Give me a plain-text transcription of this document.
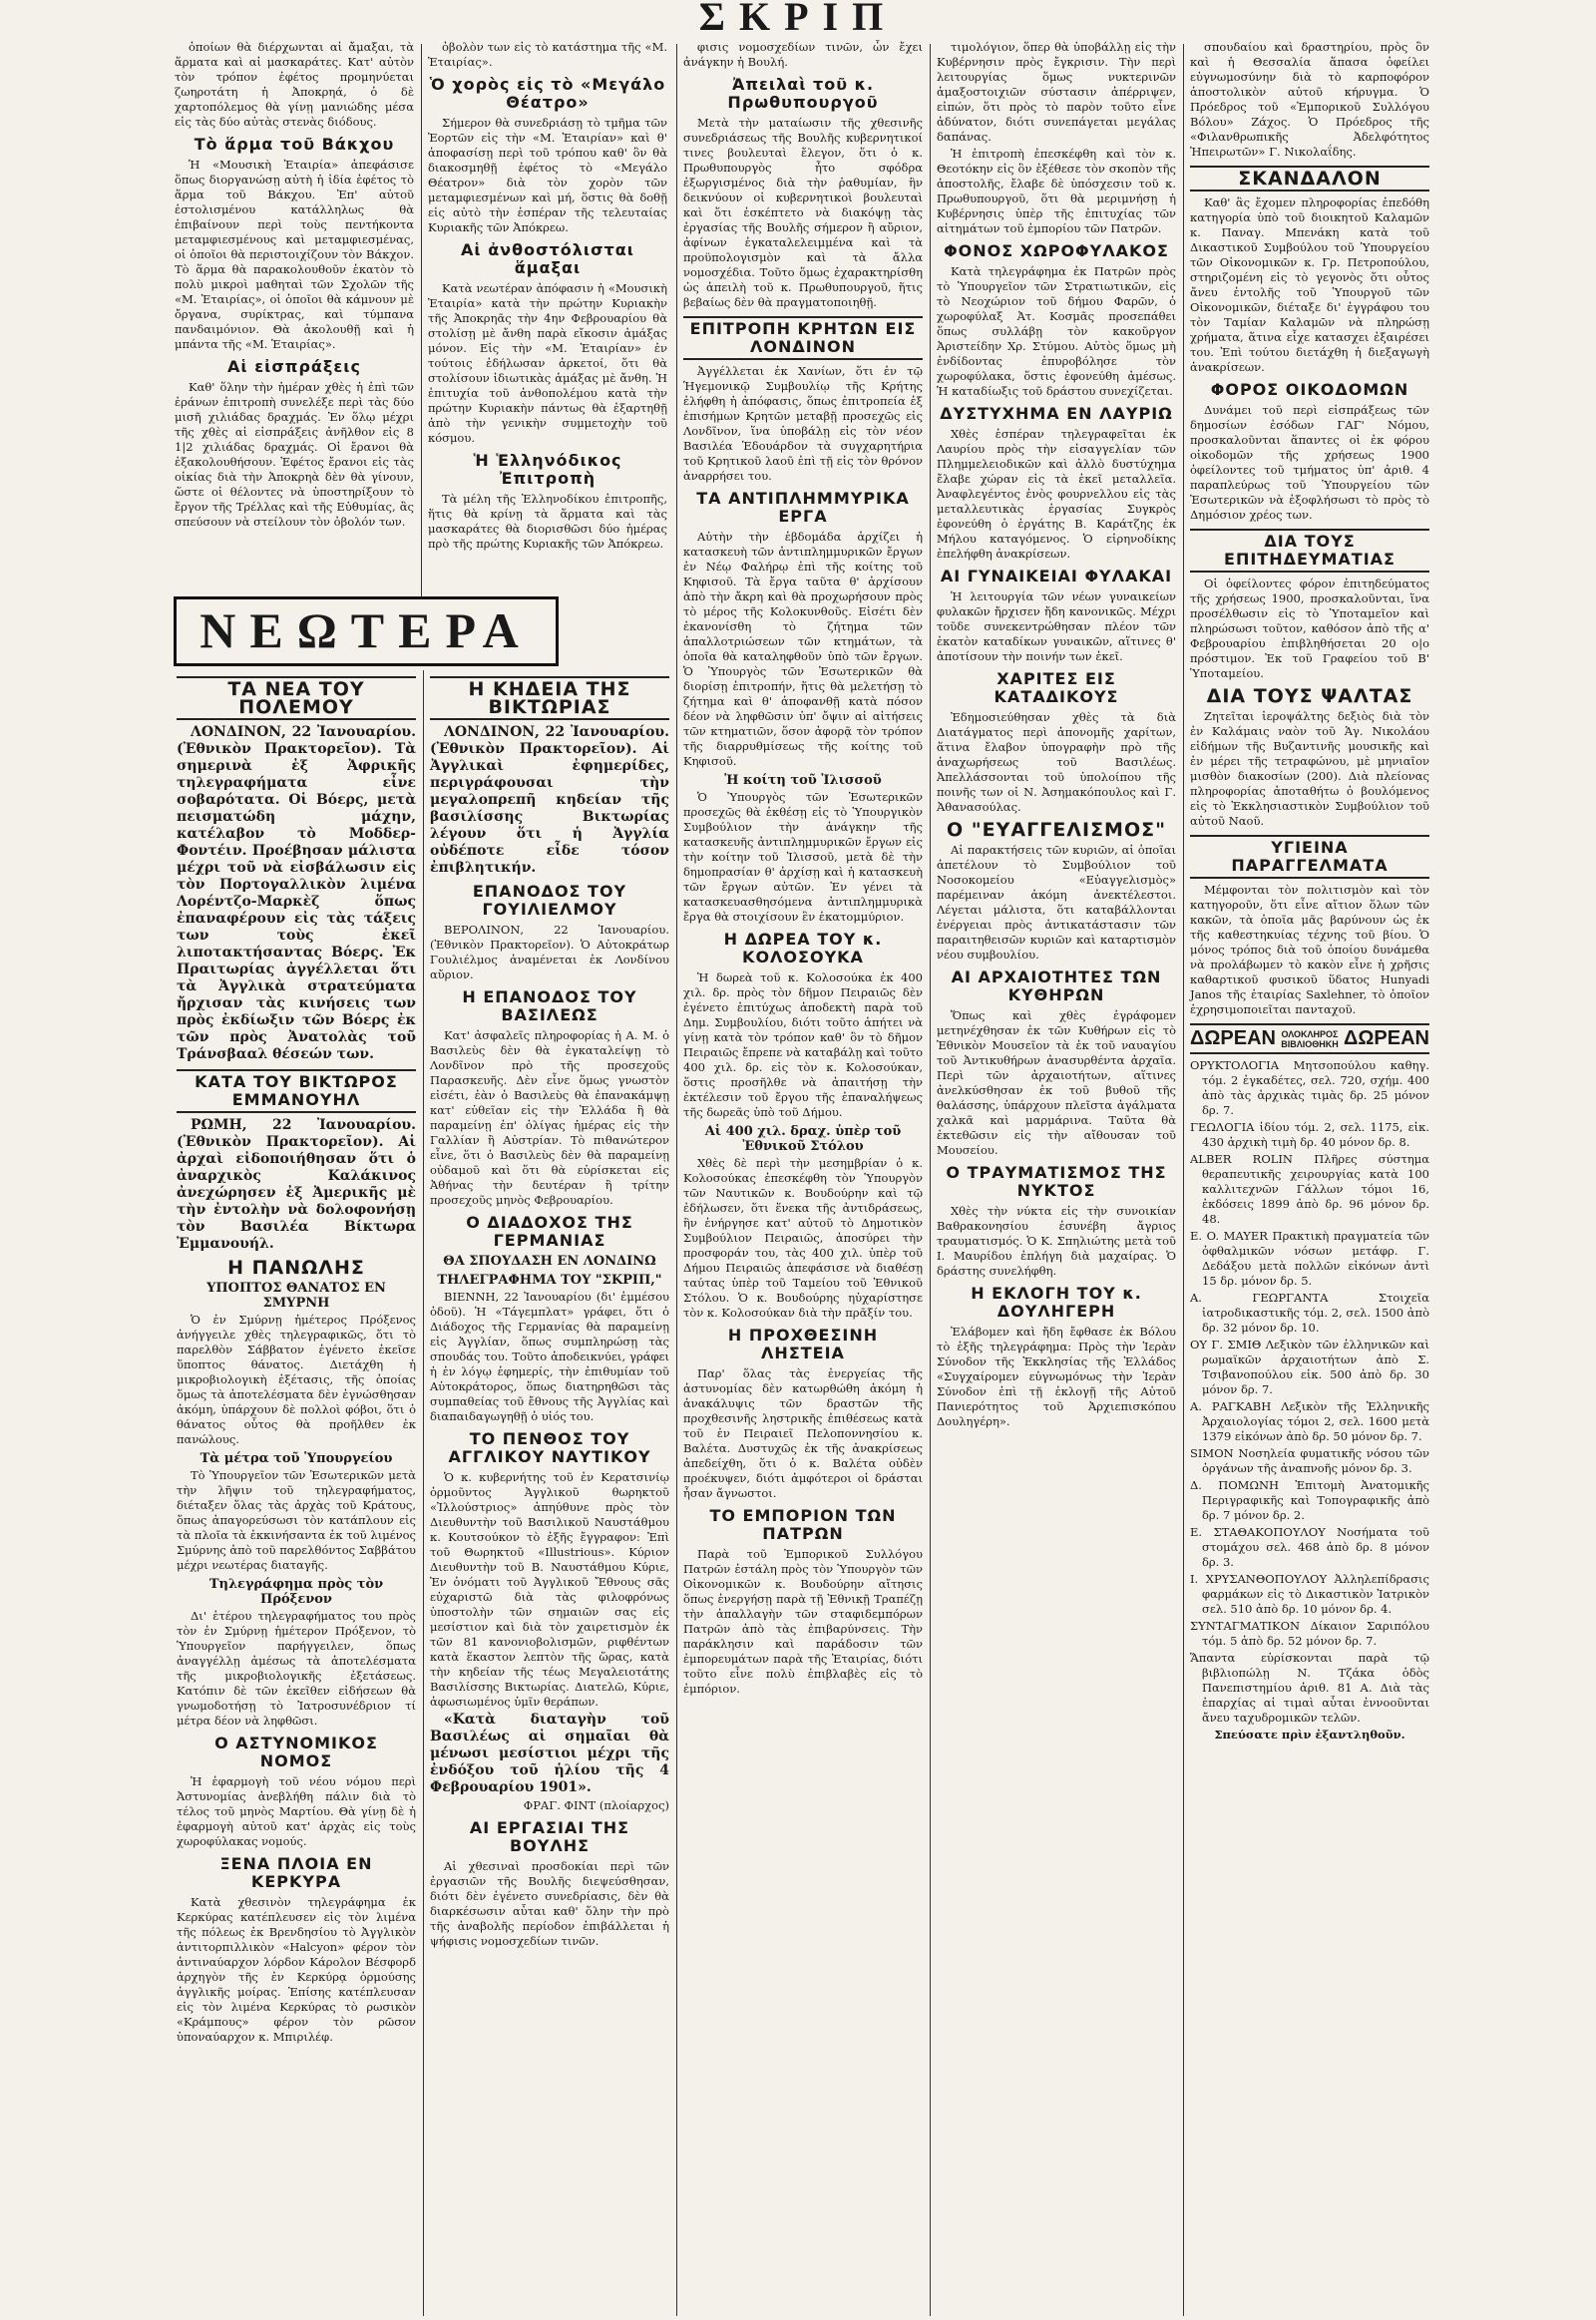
ΣΚΡΙΠ

ὁποίων θὰ διέρχωνται αἱ ἄμαξαι, τὰ ἅρματα καὶ αἱ μασκαράτες. Κατ' αὐτὸν τὸν τρόπον ἐφέτος προμηνύεται ζωηροτάτη ἡ Ἀποκρηά, ὁ δὲ χαρτοπόλεμος θὰ γίνῃ μανιώδης μέσα εἰς τὰς δύο αὐτὰς στενὰς διόδους.

Τὸ ἅρμα τοῦ Βάκχου

Ἡ «Μουσικὴ Ἑταιρία» ἀπεφάσισε ὅπως διοργανώσῃ αὐτὴ ἡ ἰδία ἐφέτος τὸ ἅρμα τοῦ Βάκχου. Ἐπ' αὐτοῦ ἐστολισμένου κατάλληλως θὰ ἐπιβαίνουν περὶ τοὺς πεντήκοντα μεταμφιεσμένους καὶ μεταμφιεσμένας, οἱ ὁποῖοι θὰ περιστοιχίζουν τὸν Βάκχον. Τὸ ἅρμα θὰ παρακολουθοῦν ἑκατὸν τὸ πολὺ μικροὶ μαθηταὶ τῶν Σχολῶν τῆς «Μ. Ἑταιρίας», οἱ ὁποῖοι θὰ κάμνουν μὲ ὄργανα, συρίκτρας, καὶ τύμπανα πανδαιμόνιον. Θὰ ἀκολουθῇ καὶ ἡ μπάντα τῆς «Μ. Ἑταιρίας».

Αἱ εἰσπράξεις

Καθ' ὅλην τὴν ἡμέραν χθὲς ἡ ἐπὶ τῶν ἐράνων ἐπιτροπὴ συνελέξε περὶ τὰς δύο μισῆ χιλιάδας δραχμάς. Ἐν ὅλῳ μέχρι τῆς χθὲς αἱ εἰσπράξεις ἀνῆλθον εἰς 8 1|2 χιλιάδας δραχμάς. Οἱ ἔρανοι θὰ ἐξακολουθήσουν. Ἐφέτος ἔρανοι εἰς τὰς οἰκίας διὰ τὴν Ἀποκρηὰ δὲν θὰ γίνουν, ὥστε οἱ θέλοντες νὰ ὑποστηρίξουν τὸ ἔργον τῆς Τρέλλας καὶ τῆς Εὐθυμίας, ἂς σπεύσουν νὰ στείλουν τὸν ὀβολόν των.

ὀβολὸν των εἰς τὸ κατάστημα τῆς «Μ. Ἑταιρίας».

Ὁ χορὸς εἰς τὸ «Μεγάλο Θέατρο»

Σήμερον θὰ συνεδριάσῃ τὸ τμῆμα τῶν Ἑορτῶν εἰς τὴν «Μ. Ἑταιρίαν» καὶ θ' ἀποφασίσῃ περὶ τοῦ τρόπου καθ' ὃν θὰ διακοσμηθῇ ἐφέτος τὸ «Μεγάλο Θέατρον» διὰ τὸν χορὸν τῶν μεταμφιεσμένων καὶ μή, ὅστις θὰ δοθῇ εἰς αὐτὸ τὴν ἑσπέραν τῆς τελευταίας Κυριακῆς τῶν Ἀπόκρεω.

Αἱ ἀνθοστόλισται ἅμαξαι

Κατὰ νεωτέραν ἀπόφασιν ἡ «Μουσικὴ Ἑταιρία» κατὰ τὴν πρώτην Κυριακὴν τῆς Ἀποκρηᾶς τὴν 4ην Φεβρουαρίου θὰ στολίσῃ μὲ ἄνθη παρὰ εἴκοσιν ἁμάξας μόνον. Εἰς τὴν «Μ. Ἑταιρίαν» ἐν τούτοις ἐδήλωσαν ἀρκετοί, ὅτι θὰ στολίσουν ἰδιωτικὰς ἁμάξας μὲ ἄνθη. Ἡ ἐπιτυχία τοῦ ἀνθοπολέμου κατὰ τὴν πρώτην Κυριακὴν πάντως θὰ ἐξαρτηθῇ ἀπὸ τὴν γενικὴν συμμετοχὴν τοῦ κόσμου.

Ἡ Ἑλληνόδικος Ἐπιτροπὴ

Τὰ μέλη τῆς Ἑλληνοδίκου ἐπιτροπῆς, ἥτις θὰ κρίνῃ τὰ ἅρματα καὶ τὰς μασκαράτες θὰ διορισθῶσι δύο ἡμέρας πρὸ τῆς πρώτης Κυριακῆς τῶν Ἀπόκρεω.

ΝΕΩΤΕΡΑ
ΤΑ ΝΕΑ ΤΟΥ ΠΟΛΕΜΟΥ

ΛΟΝΔΙΝΟΝ, 22 Ἰανουαρίου. (Ἐθνικὸν Πρακτορεῖον). Τὰ σημερινὰ ἐξ Ἀφρικῆς τηλεγραφήματα εἶνε σοβαρότατα. Οἱ Βόερς, μετὰ πεισματώδη μάχην, κατέλαβον τὸ Μοδδερ-Φοντέιν. Προέβησαν μάλιστα μέχρι τοῦ νὰ εἰσβάλωσιν εἰς τὸν Πορτογαλλικὸν λιμένα Λορέντζο-Μαρκὲζ ὅπως ἐπαναφέρουν εἰς τὰς τάξεις των τοὺς ἐκεῖ λιποτακτήσαντας Βόερς. Ἐκ Πραιτωρίας ἀγγέλλεται ὅτι τὰ Ἀγγλικὰ στρατεύματα ἤρχισαν τὰς κινήσεις των πρὸς ἐκδίωξιν τῶν Βόερς ἐκ τῶν πρὸς Ἀνατολὰς τοῦ Τράνσβααλ θέσεών των.

ΚΑΤΑ ΤΟΥ ΒΙΚΤΩΡΟΣ ΕΜΜΑΝΟΥΗΛ

ΡΩΜΗ, 22 Ἰανουαρίου. (Ἐθνικὸν Πρακτορεῖον). Αἱ ἀρχαὶ εἰδοποιήθησαν ὅτι ὁ ἀναρχικὸς Καλάκινος ἀνεχώρησεν ἐξ Ἀμερικῆς μὲ τὴν ἐντολὴν νὰ δολοφονήσῃ τὸν Βασιλέα Βίκτωρα Ἐμμανουήλ.

Η ΠΑΝΩΛΗΣ
ΥΠΟΠΤΟΣ ΘΑΝΑΤΟΣ ΕΝ ΣΜΥΡΝΗ

Ὁ ἐν Σμύρνῃ ἡμέτερος Πρόξενος ἀνήγγειλε χθὲς τηλεγραφικῶς, ὅτι τὸ παρελθὸν Σάββατον ἐγένετο ἐκεῖσε ὕποπτος θάνατος. Διετάχθη ἡ μικροβιολογικὴ ἐξέτασις, τῆς ὁποίας ὅμως τὰ ἀποτελέσματα δὲν ἐγνώσθησαν ἀκόμη, ὑπάρχουν δὲ πολλοὶ φόβοι, ὅτι ὁ θάνατος οὗτος θὰ προῆλθεν ἐκ πανώλους.

Τὰ μέτρα τοῦ Ὑπουργείου

Τὸ Ὑπουργεῖον τῶν Ἐσωτερικῶν μετὰ τὴν λῆψιν τοῦ τηλεγραφήματος, διέταξεν ὅλας τὰς ἀρχὰς τοῦ Κράτους, ὅπως ἀπαγορεύσωσι τὸν κατάπλουν εἰς τὰ πλοῖα τὰ ἐκκινήσαντα ἐκ τοῦ λιμένος Σμύρνης ἀπὸ τοῦ παρελθόντος Σαββάτου μέχρι νεωτέρας διαταγῆς.

Τηλεγράφημα πρὸς τὸν Πρόξενον

Δι' ἑτέρου τηλεγραφήματος του πρὸς τὸν ἐν Σμύρνῃ ἡμέτερον Πρόξενον, τὸ Ὑπουργεῖον παρήγγειλεν, ὅπως ἀναγγέλλῃ ἀμέσως τὰ ἀποτελέσματα τῆς μικροβιολογικῆς ἐξετάσεως. Κατόπιν δὲ τῶν ἐκεῖθεν εἰδήσεων θὰ γνωμοδοτήσῃ τὸ Ἰατροσυνέδριον τί μέτρα δέον νὰ ληφθῶσι.

Ο ΑΣΤΥΝΟΜΙΚΟΣ ΝΟΜΟΣ

Ἡ ἐφαρμογὴ τοῦ νέου νόμου περὶ Ἀστυνομίας ἀνεβλήθη πάλιν διὰ τὸ τέλος τοῦ μηνὸς Μαρτίου. Θὰ γίνῃ δὲ ἡ ἐφαρμογὴ αὐτοῦ κατ' ἀρχὰς εἰς τοὺς χωροφύλακας νομούς.

ΞΕΝΑ ΠΛΟΙΑ ΕΝ ΚΕΡΚΥΡΑ

Κατὰ χθεσινὸν τηλεγράφημα ἐκ Κερκύρας κατέπλευσεν εἰς τὸν λιμένα τῆς πόλεως ἐκ Βρενδησίου τὸ Ἀγγλικὸν ἀντιτορπιλλικὸν «Halcyon» φέρον τὸν ἀντιναύαρχον λόρδον Κάρολον Βέσφορδ ἀρχηγὸν τῆς ἐν Κερκύρᾳ ὁρμούσης ἀγγλικῆς μοίρας. Ἐπίσης κατέπλευσαν εἰς τὸν λιμένα Κερκύρας τὸ ρωσικὸν «Κράμπους» φέρον τὸν ρῶσον ὑποναύαρχον κ. Μπιριλέφ.

Η ΚΗΔΕΙΑ ΤΗΣ ΒΙΚΤΩΡΙΑΣ

ΛΟΝΔΙΝΟΝ, 22 Ἰανουαρίου. (Ἐθνικὸν Πρακτορεῖον). Αἱ Ἀγγλικαὶ ἐφημερίδες, περιγράφουσαι τὴν μεγαλοπρεπῆ κηδείαν τῆς βασιλίσσης Βικτωρίας λέγουν ὅτι ἡ Ἀγγλία οὐδέποτε εἶδε τόσον ἐπιβλητικήν.

ΕΠΑΝΟΔΟΣ ΤΟΥ ΓΟΥΙΛΙΕΛΜΟΥ

ΒΕΡΟΛΙΝΟΝ, 22 Ἰανουαρίου. (Ἐθνικὸν Πρακτορεῖον). Ὁ Αὐτοκράτωρ Γουλιέλμος ἀναμένεται ἐκ Λονδίνου αὔριον.

Η ΕΠΑΝΟΔΟΣ ΤΟΥ ΒΑΣΙΛΕΩΣ

Κατ' ἀσφαλεῖς πληροφορίας ἡ Α. Μ. ὁ Βασιλεὺς δὲν θὰ ἐγκαταλείψῃ τὸ Λονδῖνον πρὸ τῆς προσεχοῦς Παρασκευῆς. Δὲν εἶνε ὅμως γνωστὸν εἰσέτι, ἐὰν ὁ Βασιλεὺς θὰ ἐπανακάμψῃ κατ' εὐθεῖαν εἰς τὴν Ἑλλάδα ἢ θὰ παραμείνῃ ἐπ' ὀλίγας ἡμέρας εἰς τὴν Γαλλίαν ἢ Αὐστρίαν. Τὸ πιθανώτερον εἶνε, ὅτι ὁ Βασιλεὺς δὲν θὰ παραμείνῃ οὐδαμοῦ καὶ ὅτι θὰ εὑρίσκεται εἰς Ἀθήνας τὴν δευτέραν ἢ τρίτην προσεχοῦς μηνὸς Φεβρουαρίου.

Ο ΔΙΑΔΟΧΟΣ ΤΗΣ ΓΕΡΜΑΝΙΑΣ
ΘΑ ΣΠΟΥΔΑΣΗ ΕΝ ΛΟΝΔΙΝΩ
ΤΗΛΕΓΡΑΦΗΜΑ ΤΟΥ "ΣΚΡΙΠ,"

ΒΙΕΝΝΗ, 22 Ἰανουαρίου (δι' ἐμμέσου ὁδοῦ). Ἡ «Τάγεμπλατ» γράφει, ὅτι ὁ Διάδοχος τῆς Γερμανίας θὰ παραμείνῃ εἰς Ἀγγλίαν, ὅπως συμπληρώσῃ τὰς σπουδάς του. Τοῦτο ἀποδεικνύει, γράφει ἡ ἐν λόγῳ ἐφημερίς, τὴν ἐπιθυμίαν τοῦ Αὐτοκράτορος, ὅπως διατηρηθῶσι τὰς συμπαθείας τοῦ ἔθνους τῆς Ἀγγλίας καὶ διαπαιδαγωγηθῇ ὁ υἱός του.

ΤΟ ΠΕΝΘΟΣ ΤΟΥ ΑΓΓΛΙΚΟΥ ΝΑΥΤΙΚΟΥ

Ὁ κ. κυβερνήτης τοῦ ἐν Κερατσινίῳ ὁρμοῦντος Ἀγγλικοῦ θωρηκτοῦ «Ἰλλούστριος» ἀπηύθυνε πρὸς τὸν Διευθυντὴν τοῦ Βασιλικοῦ Ναυστάθμου κ. Κουτσούκον τὸ ἑξῆς ἔγγραφον: Ἐπὶ τοῦ Θωρηκτοῦ «Illustrious». Κύριον Διευθυντὴν τοῦ Β. Ναυστάθμου Κύριε, Ἐν ὀνόματι τοῦ Ἀγγλικοῦ Ἔθνους σᾶς εὐχαριστῶ διὰ τὰς φιλοφρόνως ὑποστολὴν τῶν σημαιῶν σας εἰς μεσίστιον καὶ διὰ τὸν χαιρετισμὸν ἐκ τῶν 81 κανονιοβολισμῶν, ριφθέντων κατὰ ἕκαστον λεπτὸν τῆς ὥρας, κατὰ τὴν κηδείαν τῆς τέως Μεγαλειοτάτης Βασιλίσσης Βικτωρίας. Διατελῶ, Κύριε, ἀφωσιωμένος ὑμῖν θεράπων.

«Κατὰ διαταγὴν τοῦ Βασιλέως αἱ σημαῖαι θὰ μένωσι μεσίστιοι μέχρι τῆς ἐνδόξου τοῦ ἡλίου τῆς 4 Φεβρουαρίου 1901».

ΦΡΑΓ. ΦΙΝΤ (πλοίαρχος)

ΑΙ ΕΡΓΑΣΙΑΙ ΤΗΣ ΒΟΥΛΗΣ

Αἱ χθεσιναὶ προσδοκίαι περὶ τῶν ἐργασιῶν τῆς Βουλῆς διεψεύσθησαν, διότι δὲν ἐγένετο συνεδρίασις, δὲν θὰ διαρκέσωσιν αὗται καθ' ὅλην τὴν πρὸ τῆς ἀναβολῆς περίοδον ἐπιβάλλεται ἡ ψήφισις νομοσχεδίων τινῶν.

φισις νομοσχεδίων τινῶν, ὧν ἔχει ἀνάγκην ἡ Βουλή.

Ἀπειλαὶ τοῦ κ. Πρωθυπουργοῦ

Μετὰ τὴν ματαίωσιν τῆς χθεσινῆς συνεδριάσεως τῆς Βουλῆς κυβερνητικοί τινες βουλευταὶ ἔλεγον, ὅτι ὁ κ. Πρωθυπουργὸς ἦτο σφόδρα ἐξωργισμένος διὰ τὴν ῥαθυμίαν, ἣν δεικνύουν οἱ κυβερνητικοὶ βουλευταὶ καὶ ὅτι ἐσκέπτετο νὰ διακόψῃ τὰς ἐργασίας τῆς Βουλῆς σήμερον ἢ αὔριον, ἀφίνων ἐγκαταλελειμμένα καὶ τὰ προϋπολογισμὸν καὶ τὰ ἄλλα νομοσχέδια. Τοῦτο ὅμως ἐχαρακτηρίσθη ὡς ἀπειλὴ τοῦ κ. Πρωθυπουργοῦ, ἥτις βεβαίως δὲν θὰ πραγματοποιηθῇ.

ΕΠΙΤΡΟΠΗ ΚΡΗΤΩΝ ΕΙΣ ΛΟΝΔΙΝΟΝ

Ἀγγέλλεται ἐκ Χανίων, ὅτι ἐν τῷ Ἡγεμονικῷ Συμβουλίῳ τῆς Κρήτης ἐλήφθη ἡ ἀπόφασις, ὅπως ἐπιτροπεία ἐξ ἐπισήμων Κρητῶν μεταβῇ προσεχῶς εἰς Λονδῖνον, ἵνα ὑποβάλῃ εἰς τὸν νέον Βασιλέα Ἐδουάρδον τὰ συγχαρητήρια τοῦ Κρητικοῦ λαοῦ ἐπὶ τῇ εἰς τὸν θρόνον ἀναρρήσει του.

ΤΑ ΑΝΤΙΠΛΗΜΜΥΡΙΚΑ ΕΡΓΑ

Αὐτὴν τὴν ἑβδομάδα ἀρχίζει ἡ κατασκευὴ τῶν ἀντιπλημμυρικῶν ἔργων ἐν Νέῳ Φαλήρῳ ἐπὶ τῆς κοίτης τοῦ Κηφισοῦ. Τὰ ἔργα ταῦτα θ' ἀρχίσουν ἀπὸ τὴν ἄκρη καὶ θὰ προχωρήσουν πρὸς τὸ μέρος τῆς Κολοκυνθοῦς. Εἰσέτι δὲν ἐκανονίσθη τὸ ζήτημα τῶν ἀπαλλοτριώσεων τῶν κτημάτων, τὰ ὁποῖα θὰ καταληφθοῦν ὑπὸ τῶν ἔργων. Ὁ Ὑπουργὸς τῶν Ἐσωτερικῶν θὰ διορίσῃ ἐπιτροπήν, ἥτις θὰ μελετήσῃ τὸ ζήτημα καὶ θ' ἀποφανθῇ κατὰ πόσον δέον νὰ ληφθῶσιν ὑπ' ὄψιν αἱ αἰτήσεις τῶν κτηματιῶν, ὅσον ἀφορᾷ τὸν τρόπον τῆς διαρρυθμίσεως τῆς κοίτης τοῦ Κηφισοῦ.

Ἡ κοίτη τοῦ Ἰλισσοῦ

Ὁ Ὑπουργὸς τῶν Ἐσωτερικῶν προσεχῶς θὰ ἐκθέσῃ εἰς τὸ Ὑπουργικὸν Συμβούλιον τὴν ἀνάγκην τῆς κατασκευῆς ἀντιπλημμυρικῶν ἔργων εἰς τὴν κοίτην τοῦ Ἰλισσοῦ, μετὰ δὲ τὴν δημοπρασίαν θ' ἀρχίσῃ καὶ ἡ κατασκευὴ τῶν ἔργων αὐτῶν. Ἐν γένει τὰ κατασκευασθησόμενα ἀντιπλημμυρικὰ ἔργα θὰ στοιχίσουν ἓν ἑκατομμύριον.

Η ΔΩΡΕΑ ΤΟΥ κ. ΚΟΛΟΣΟΥΚΑ

Ἡ δωρεὰ τοῦ κ. Κολοσούκα ἐκ 400 χιλ. δρ. πρὸς τὸν δῆμον Πειραιῶς δὲν ἐγένετο ἐπιτύχως ἀποδεκτὴ παρὰ τοῦ Δημ. Συμβουλίου, διότι τοῦτο ἀπήτει νὰ γίνῃ κατὰ τὸν τρόπον καθ' ὃν τὸ δῆμον Πειραιῶς ἔπρεπε νὰ καταβάλῃ καὶ τοῦτο 400 χιλ. δρ. εἰς τὸν κ. Κολοσούκαν, ὅστις προσῆλθε νὰ ἀπαιτήσῃ τὴν ἐκτέλεσιν τοῦ ἔργου τῆς ἐπαναλήψεως τῆς δωρεᾶς ὑπὸ τοῦ Δήμου.

Αἱ 400 χιλ. δραχ. ὑπὲρ τοῦ Ἐθνικοῦ Στόλου

Χθὲς δὲ περὶ τὴν μεσημβρίαν ὁ κ. Κολοσούκας ἐπεσκέφθη τὸν Ὑπουργὸν τῶν Ναυτικῶν κ. Βουδούρην καὶ τῷ ἐδήλωσεν, ὅτι ἕνεκα τῆς ἀντιδράσεως, ἣν ἐνήργησε κατ' αὐτοῦ τὸ Δημοτικὸν Συμβούλιον Πειραιῶς, ἀποσύρει τὴν προσφοράν του, τὰς 400 χιλ. ὑπὲρ τοῦ Δήμου Πειραιῶς ἀπεφάσισε νὰ διαθέσῃ ταύτας ὑπὲρ τοῦ Ταμείου τοῦ Ἐθνικοῦ Στόλου. Ὁ κ. Βουδούρης ηὐχαρίστησε τὸν κ. Κολοσούκαν διὰ τὴν πρᾶξίν του.

Η ΠΡΟΧΘΕΣΙΝΗ ΛΗΣΤΕΙΑ

Παρ' ὅλας τὰς ἐνεργείας τῆς ἀστυνομίας δὲν κατωρθώθη ἀκόμη ἡ ἀνακάλυψις τῶν δραστῶν τῆς προχθεσινῆς ληστρικῆς ἐπιθέσεως κατὰ τοῦ ἐν Πειραιεῖ Πελοποννησίου κ. Βαλέτα. Δυστυχῶς ἐκ τῆς ἀνακρίσεως ἀπεδείχθη, ὅτι ὁ κ. Βαλέτα οὐδὲν προέκυψεν, διότι ἀμφότεροι οἱ δράσται ἦσαν ἄγνωστοι.

ΤΟ ΕΜΠΟΡΙΟΝ ΤΩΝ ΠΑΤΡΩΝ

Παρὰ τοῦ Ἐμπορικοῦ Συλλόγου Πατρῶν ἐστάλη πρὸς τὸν Ὑπουργὸν τῶν Οἰκονομικῶν κ. Βουδούρην αἴτησις ὅπως ἐνεργήσῃ παρὰ τῇ Ἐθνικῇ Τραπέζῃ τὴν ἀπαλλαγὴν τῶν σταφιδεμπόρων Πατρῶν ἀπὸ τὰς ἐπιβαρύνσεις. Τὴν παράκλησιν καὶ παράδοσιν τῶν ἐμπορευμάτων παρὰ τῆς Ἑταιρίας, διότι τοῦτο εἶνε πολὺ ἐπιβλαβὲς εἰς τὸ ἐμπόριον.

τιμολόγιον, ὅπερ θὰ ὑποβάλλῃ εἰς τὴν Κυβέρνησιν πρὸς ἔγκρισιν. Τὴν περὶ λειτουργίας ὅμως νυκτερινῶν ἁμαξοστοιχιῶν σύστασιν ἀπέρριψεν, εἰπών, ὅτι πρὸς τὸ παρὸν τοῦτο εἶνε ἀδύνατον, διότι συνεπάγεται μεγάλας δαπάνας.

Ἡ ἐπιτροπὴ ἐπεσκέφθη καὶ τὸν κ. Θεοτόκην εἰς ὃν ἐξέθεσε τὸν σκοπὸν τῆς ἀποστολῆς, ἔλαβε δὲ ὑπόσχεσιν τοῦ κ. Πρωθυπουργοῦ, ὅτι θὰ μεριμνήσῃ ἡ Κυβέρνησις ὑπὲρ τῆς ἐπιτυχίας τῶν αἰτημάτων τοῦ ἐμπορίου τῶν Πατρῶν.

ΦΟΝΟΣ ΧΩΡΟΦΥΛΑΚΟΣ

Κατὰ τηλεγράφημα ἐκ Πατρῶν πρὸς τὸ Ὑπουργεῖον τῶν Στρατιωτικῶν, εἰς τὸ Νεοχώριον τοῦ δήμου Φαρῶν, ὁ χωροφύλαξ Ἀτ. Κοσμᾶς προσεπάθει ὅπως συλλάβῃ τὸν κακοῦργον Ἀριστείδην Χρ. Στύμου. Αὐτὸς ὅμως μὴ ἐνδίδοντας ἐπυροβόλησε τὸν χωροφύλακα, ὅστις ἐφονεύθη ἀμέσως. Ἡ καταδίωξις τοῦ δράστου συνεχίζεται.

ΔΥΣΤΥΧΗΜΑ ΕΝ ΛΑΥΡΙΩ

Χθὲς ἑσπέραν τηλεγραφεῖται ἐκ Λαυρίου πρὸς τὴν εἰσαγγελίαν τῶν Πλημμελειοδικῶν καὶ ἀλλὸ δυστύχημα ἔλαβε χώραν εἰς τὰ ἐκεῖ μεταλλεῖα. Ἀναφλεγέντος ἐνὸς φουρνελλου εἰς τὰς μεταλλευτικὰς ἐργασίας Συγκρὸς ἐφονεύθη ὁ ἐργάτης Β. Καράτζης ἐκ Μήλου καταγόμενος. Ὁ εἰρηνοδίκης ἐπελήφθη ἀνακρίσεων.

ΑΙ ΓΥΝΑΙΚΕΙΑΙ ΦΥΛΑΚΑΙ

Ἡ λειτουργία τῶν νέων γυναικείων φυλακῶν ἤρχισεν ἤδη κανονικῶς. Μέχρι τοῦδε συνεκεντρώθησαν πλέον τῶν ἑκατὸν καταδίκων γυναικῶν, αἵτινες θ' ἀποτίσουν τὴν ποινήν των ἐκεῖ.

ΧΑΡΙΤΕΣ ΕΙΣ ΚΑΤΑΔΙΚΟΥΣ

Ἐδημοσιεύθησαν χθὲς τὰ διὰ Διατάγματος περὶ ἀπονομῆς χαρίτων, ἅτινα ἔλαβον ὑπογραφὴν πρὸ τῆς ἀναχωρήσεως τοῦ Βασιλέως. Ἀπελλάσσονται τοῦ ὑπολοίπου τῆς ποινῆς των οἱ Ν. Ἀσημακόπουλος καὶ Γ. Ἀθανασούλας.

Ο "ΕΥΑΓΓΕΛΙΣΜΟΣ"

Αἱ παρακτήσεις τῶν κυριῶν, αἱ ὁποῖαι ἀπετέλουν τὸ Συμβούλιον τοῦ Νοσοκομείου «Εὐαγγελισμὸς» παρέμειναν ἀκόμη ἀνεκτέλεστοι. Λέγεται μάλιστα, ὅτι καταβάλλονται ἐνέργειαι πρὸς ἀντικατάστασιν τῶν παραιτηθεισῶν κυριῶν καὶ καταρτισμὸν νέου συμβουλίου.

ΑΙ ΑΡΧΑΙΟΤΗΤΕΣ ΤΩΝ ΚΥΘΗΡΩΝ

Ὅπως καὶ χθὲς ἐγράφομεν μετηνέχθησαν ἐκ τῶν Κυθήρων εἰς τὸ Ἐθνικὸν Μουσεῖον τὰ ἐκ τοῦ ναυαγίου τοῦ Ἀντικυθήρων ἀνασυρθέντα ἀρχαῖα. Περὶ τῶν ἀρχαιοτήτων, αἵτινες ἀνελκύσθησαν ἐκ τοῦ βυθοῦ τῆς θαλάσσης, ὑπάρχουν πλεῖστα ἀγάλματα χαλκᾶ καὶ μαρμάρινα. Ταῦτα θὰ ἐκτεθῶσιν εἰς τὴν αἴθουσαν τοῦ Μουσείου.

Ο ΤΡΑΥΜΑΤΙΣΜΟΣ ΤΗΣ ΝΥΚΤΟΣ

Χθὲς τὴν νύκτα εἰς τὴν συνοικίαν Βαθρακονησίου ἐσυνέβη ἄγριος τραυματισμός. Ὁ Κ. Σπηλιώτης μετὰ τοῦ Ι. Μαυρίδου ἐπλήγη διὰ μαχαίρας. Ὁ δράστης συνελήφθη.

Η ΕΚΛΟΓΗ ΤΟΥ κ. ΔΟΥΛΗΓΕΡΗ

Ἐλάβομεν καὶ ἤδη ἔφθασε ἐκ Βόλου τὸ ἑξῆς τηλεγράφημα: Πρὸς τὴν Ἱερὰν Σύνοδον τῆς Ἐκκλησίας τῆς Ἑλλάδος «Συγχαίρομεν εὐγνωμόνως τὴν Ἱερὰν Σύνοδον ἐπὶ τῇ ἐκλογῇ τῆς Αὐτοῦ Πανιερότητος τοῦ Ἀρχιεπισκόπου Δουληγέρη».

σπουδαίου καὶ δραστηρίου, πρὸς ὃν καὶ ἡ Θεσσαλία ἅπασα ὀφείλει εὐγνωμοσύνην διὰ τὸ καρποφόρον ἀποστολικὸν αὐτοῦ κήρυγμα. Ὁ Πρόεδρος τοῦ «Ἐμπορικοῦ Συλλόγου Βόλου» Ζάχος. Ὁ Πρόεδρος τῆς «Φιλανθρωπικῆς Ἀδελφότητος Ἠπειρωτῶν» Γ. Νικολαΐδης.

ΣΚΑΝΔΑΛΟΝ

Καθ' ἃς ἔχομεν πληροφορίας ἐπεδόθη κατηγορία ὑπὸ τοῦ διοικητοῦ Καλαμῶν κ. Παναγ. Μπενάκη κατὰ τοῦ Δικαστικοῦ Συμβούλου τοῦ Ὑπουργείου τῶν Οἰκονομικῶν κ. Γρ. Πετροπούλου, στηριζομένη εἰς τὸ γεγονὸς ὅτι οὗτος ἄνευ ἐντολῆς τοῦ Ὑπουργοῦ τῶν Οἰκονομικῶν, διέταξε δι' ἐγγράφου του τὸν Ταμίαν Καλαμῶν νὰ πληρώσῃ χρήματα, ἅτινα εἶχε κατασχει ἐξαιρέσει του. Ἐπὶ τούτου διετάχθη ἡ διεξαγωγὴ ἀνακρίσεων.

ΦΟΡΟΣ ΟΙΚΟΔΟΜΩΝ

Δυνάμει τοῦ περὶ εἰσπράξεως τῶν δημοσίων ἐσόδων ΓΑΓ' Νόμου, προσκαλοῦνται ἅπαντες οἱ ἐκ φόρου οἰκοδομῶν τῆς χρήσεως 1900 ὀφείλοντες τοῦ τμήματος ὑπ' ἀριθ. 4 παραπλεύρως τοῦ Ὑπουργείου τῶν Ἐσωτερικῶν νὰ ἐξοφλήσωσι τὸ πρὸς τὸ Δημόσιον χρέος των.

ΔΙΑ ΤΟΥΣ ΕΠΙΤΗΔΕΥΜΑΤΙΑΣ

Οἱ ὀφείλοντες φόρον ἐπιτηδεύματος τῆς χρήσεως 1900, προσκαλοῦνται, ἵνα προσέλθωσιν εἰς τὸ Ὑποταμεῖον καὶ πληρώσωσι τοῦτον, καθόσον ἀπὸ τῆς α' Φεβρουαρίου ἐπιβληθήσεται 20 ο|ο πρόστιμον. Ἐκ τοῦ Γραφείου τοῦ Β' Ὑποταμείου.

ΔΙΑ ΤΟΥΣ ΨΑΛΤΑΣ

Ζητεῖται ἱεροψάλτης δεξιὸς διὰ τὸν ἐν Καλάμαις ναὸν τοῦ Ἁγ. Νικολάου εἰδήμων τῆς Βυζαντινῆς μουσικῆς καὶ ἐν μέρει τῆς τετραφώνου, μὲ μηνιαῖον μισθὸν διακοσίων (200). Διὰ πλείονας πληροφορίας ἀποταθήτω ὁ βουλόμενος εἰς τὸ Ἐκκλησιαστικὸν Συμβούλιον τοῦ αὐτοῦ Ναοῦ.

ΥΓΙΕΙΝΑ ΠΑΡΑΓΓΕΛΜΑΤΑ

Μέμφονται τὸν πολιτισμὸν καὶ τὸν κατηγοροῦν, ὅτι εἶνε αἴτιον ὅλων τῶν κακῶν, τὰ ὁποῖα μᾶς βαρύνουν ὡς ἐκ τῆς καθεστηκυίας τέχνης τοῦ βίου. Ὁ μόνος τρόπος διὰ τοῦ ὁποίου δυνάμεθα νὰ προλάβωμεν τὸ κακὸν εἶνε ἡ χρῆσις καθαρτικοῦ φυσικοῦ ὕδατος Hunyadi Janos τῆς ἐταιρίας Saxlehner, τὸ ὁποῖον ἐχρησιμοποιεῖται πανταχοῦ.

ΔΩΡΕΑΝ ΟΛΟΚΛΗΡΟΣ ΒΙΒΛΙΟΘΗΚΗ ΔΩΡΕΑΝ

ΟΡΥΚΤΟΛΟΓΙΑ Μητσοπούλου καθηγ. τόμ. 2 ἐγκαδέτες, σελ. 720, σχήμ. 400 ἀπὸ τὰς ἀρχικὰς τιμὰς δρ. 25 μόνον δρ. 7.

ΓΕΩΛΟΓΙΑ ἰδίου τόμ. 2, σελ. 1175, εἰκ. 430 ἀρχικὴ τιμὴ δρ. 40 μόνον δρ. 8.

ALBER ROLIN Πλῆρες σύστημα θεραπευτικῆς χειρουργίας κατὰ 100 καλλιτεχνῶν Γάλλων τόμοι 16, ἐκδόσεις 1899 ἀπὸ δρ. 96 μόνον δρ. 48.

E. O. MAYER Πρακτικὴ πραγματεία τῶν ὀφθαλμικῶν νόσων μετάφρ. Γ. Δεδάξου μετὰ πολλῶν εἰκόνων ἀντὶ 15 δρ. μόνον δρ. 5.

Α. ΓΕΩΡΓΑΝΤΑ Στοιχεῖα ἰατροδικαστικῆς τόμ. 2, σελ. 1500 ἀπὸ δρ. 32 μόνον δρ. 10.

ΟΥ Γ. ΣΜΙΘ Λεξικὸν τῶν ἑλληνικῶν καὶ ρωμαϊκῶν ἀρχαιοτήτων ἀπὸ Σ. Τσιβανοπούλου εἰκ. 500 ἀπὸ δρ. 30 μόνον δρ. 7.

Α. ΡΑΓΚΑΒΗ Λεξικὸν τῆς Ἑλληνικῆς Ἀρχαιολογίας τόμοι 2, σελ. 1600 μετὰ 1379 εἰκόνων ἀπὸ δρ. 50 μόνον δρ. 7.

SIMON Νοσηλεία φυματικῆς νόσου τῶν ὀργάνων τῆς ἀναπνοῆς μόνον δρ. 3.

Δ. ΠΟΜΩΝΗ Ἐπιτομὴ Ἀνατομικῆς Περιγραφικῆς καὶ Τοπογραφικῆς ἀπὸ δρ. 7 μόνον δρ. 2.

Ε. ΣΤΑΘΑΚΟΠΟΥΛΟΥ Νοσήματα τοῦ στομάχου σελ. 468 ἀπὸ δρ. 8 μόνον δρ. 3.

Ι. ΧΡΥΣΑΝΘΟΠΟΥΛΟΥ Ἀλληλεπίδρασις φαρμάκων εἰς τὸ Δικαστικὸν Ἰατρικὸν σελ. 510 ἀπὸ δρ. 10 μόνον δρ. 4.

ΣΥΝΤΑΓΜΑΤΙΚΟΝ Δίκαιον Σαριπόλου τόμ. 5 ἀπὸ δρ. 52 μόνον δρ. 7.

Ἅπαντα εὑρίσκονται παρὰ τῷ βιβλιοπώλῃ Ν. Τζάκα ὁδὸς Πανεπιστημίου ἀριθ. 81 Α. Διὰ τὰς ἐπαρχίας αἱ τιμαὶ αὗται ἐννοοῦνται ἄνευ ταχυδρομικῶν τελῶν.

Σπεύσατε πρὶν ἐξαντληθοῦν.
